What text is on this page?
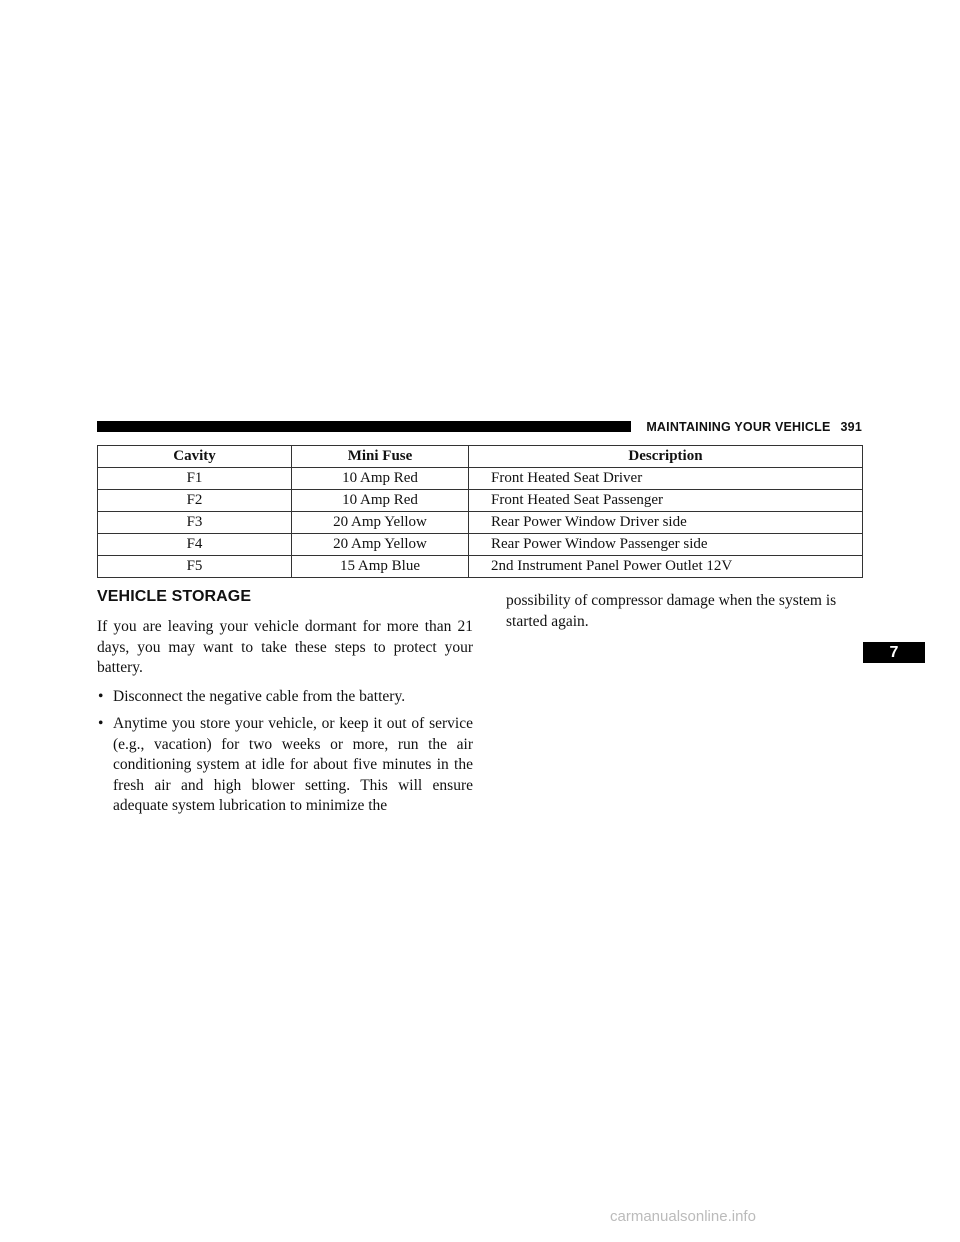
MAINTAINING YOUR VEHICLE 391
Cavity	Mini Fuse	Description
F1	10 Amp Red	Front Heated Seat Driver
F2	10 Amp Red	Front Heated Seat Passenger
F3	20 Amp Yellow	Rear Power Window Driver side
F4	20 Amp Yellow	Rear Power Window Passenger side
F5	15 Amp Blue	2nd Instrument Panel Power Outlet 12V
VEHICLE STORAGE

If you are leaving your vehicle dormant for more than 21 days, you may want to take these steps to protect your battery.

• Disconnect the negative cable from the battery.
• Anytime you store your vehicle, or keep it out of service (e.g., vacation) for two weeks or more, run the air conditioning system at idle for about five minutes in the fresh air and high blower setting. This will ensure adequate system lubrication to minimize the

possibility of compressor damage when the system is
started again.

7
carmanualsonline.info
